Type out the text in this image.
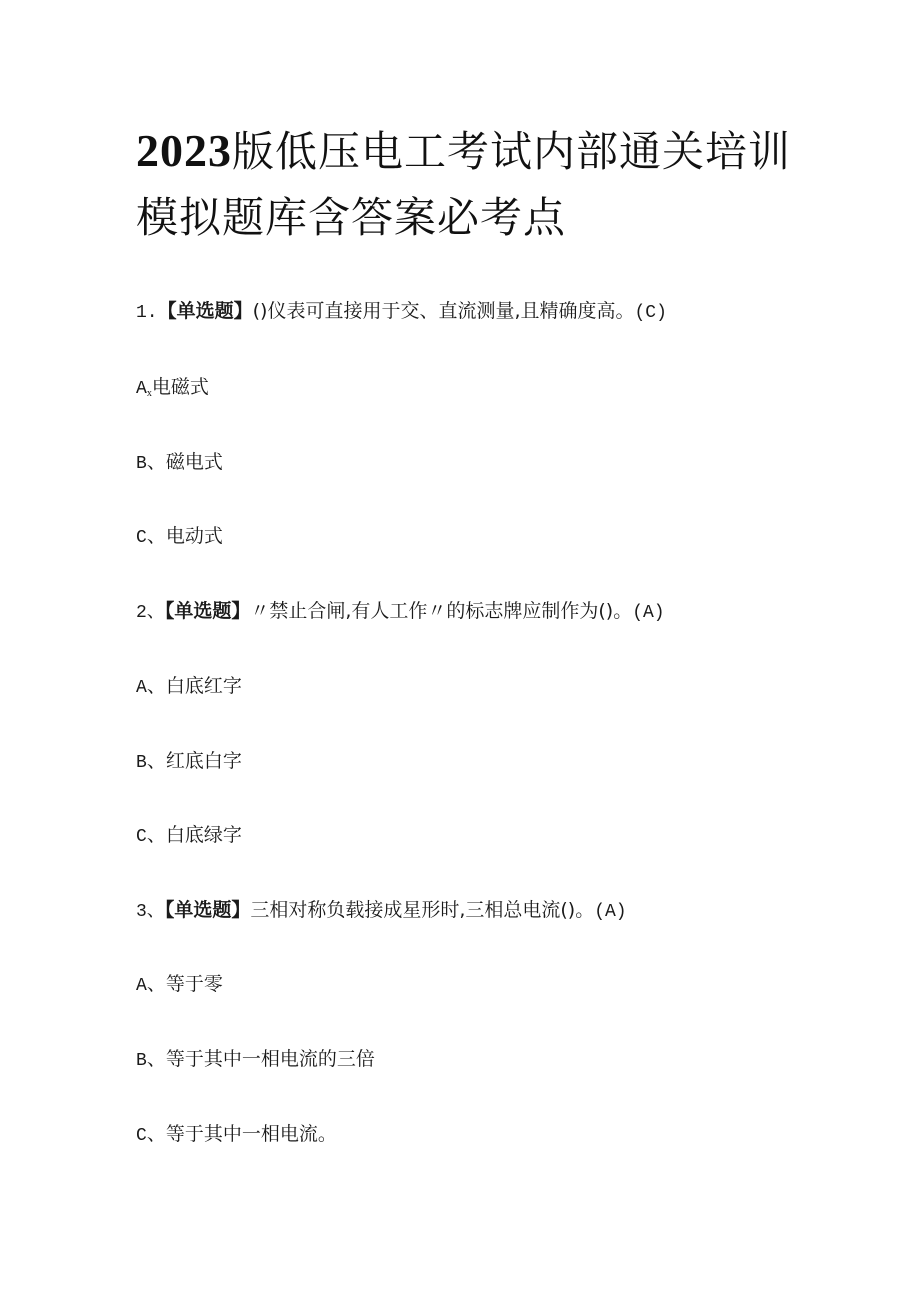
2023版低压电工考试内部通关培训
模拟题库含答案必考点
1.【单选题】()仪表可直接用于交、直流测量,且精确度高。(C)
Ax电磁式
B、磁电式
C、电动式
2、【单选题】〃禁止合闸,有人工作〃的标志牌应制作为()。(A)
A、白底红字
B、红底白字
C、白底绿字
3、【单选题】三相对称负载接成星形时,三相总电流()。(A)
A、等于零
B、等于其中一相电流的三倍
C、等于其中一相电流。
